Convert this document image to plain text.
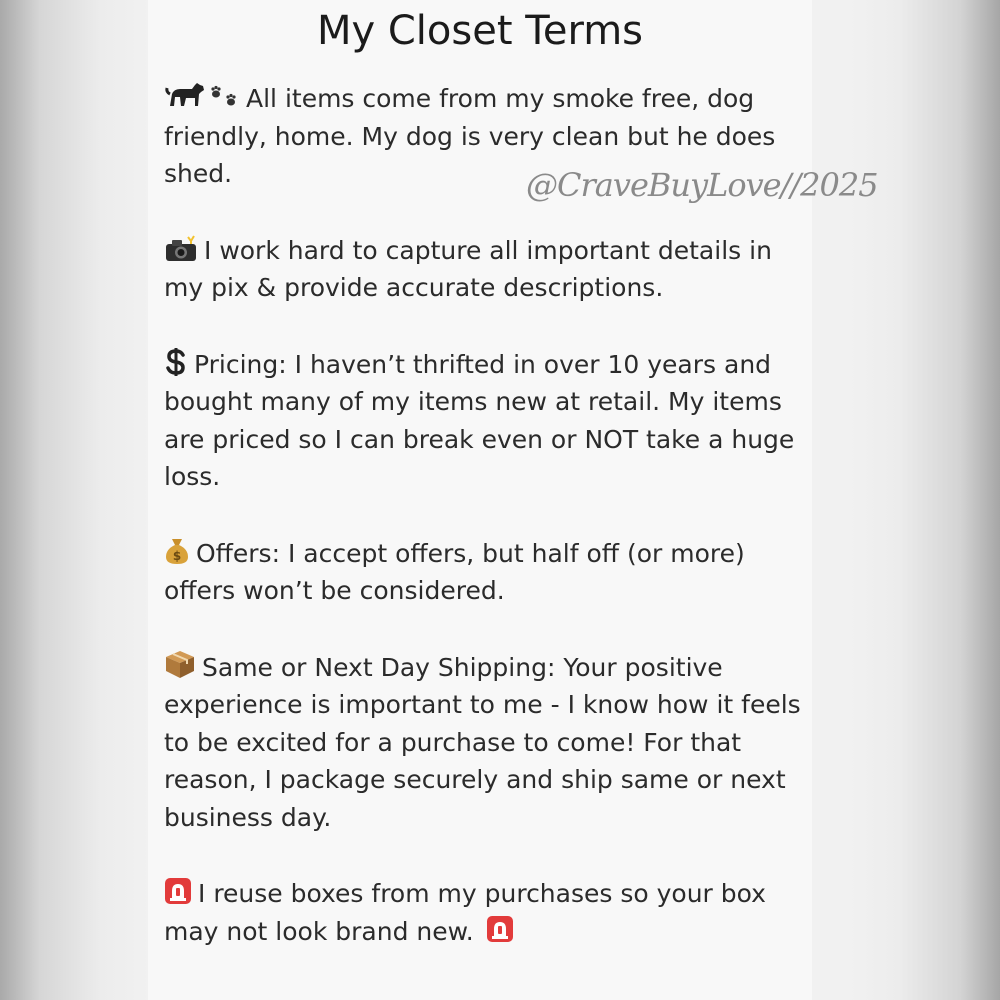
My Closet Terms
All items come from my smoke free, dog friendly, home. My dog is very clean but he does shed.
I work hard to capture all important details in my pix & provide accurate descriptions.
Pricing: I haven’t thrifted in over 10 years and bought many of my items new at retail. My items are priced so I can break even or NOT take a huge loss.
$ Offers: I accept offers, but half off (or more) offers won’t be considered.
Same or Next Day Shipping: Your positive experience is important to me - I know how it feels to be excited for a purchase to come! For that reason, I package securely and ship same or next business day.
I reuse boxes from my purchases so your box may not look brand new.
@CraveBuyLove//2025
